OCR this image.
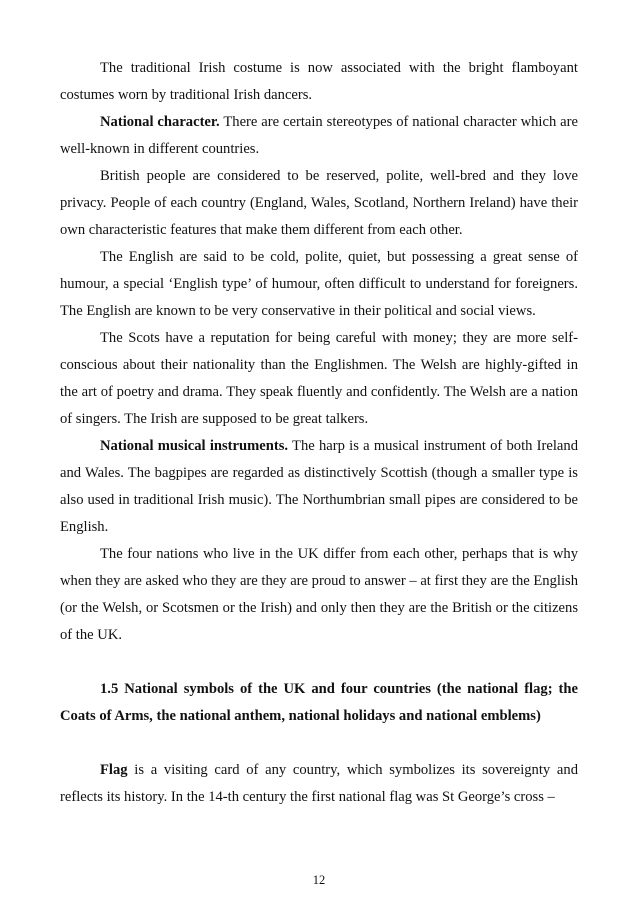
The traditional Irish costume is now associated with the bright flamboyant costumes worn by traditional Irish dancers.

National character. There are certain stereotypes of national character which are well-known in different countries.

British people are considered to be reserved, polite, well-bred and they love privacy. People of each country (England, Wales, Scotland, Northern Ireland) have their own characteristic features that make them different from each other.

The English are said to be cold, polite, quiet, but possessing a great sense of humour, a special ‘English type’ of humour, often difficult to understand for foreigners. The English are known to be very conservative in their political and social views.

The Scots have a reputation for being careful with money; they are more self-conscious about their nationality than the Englishmen. The Welsh are highly-gifted in the art of poetry and drama. They speak fluently and confidently. The Welsh are a nation of singers. The Irish are supposed to be great talkers.

National musical instruments. The harp is a musical instrument of both Ireland and Wales. The bagpipes are regarded as distinctively Scottish (though a smaller type is also used in traditional Irish music). The Northumbrian small pipes are considered to be English.

The four nations who live in the UK differ from each other, perhaps that is why when they are asked who they are they are proud to answer – at first they are the English (or the Welsh, or Scotsmen or the Irish) and only then they are the British or the citizens of the UK.

1.5 National symbols of the UK and four countries (the national flag; the Coats of Arms, the national anthem, national holidays and national emblems)

Flag is a visiting card of any country, which symbolizes its sovereignty and reflects its history. In the 14-th century the first national flag was St George’s cross –

12
